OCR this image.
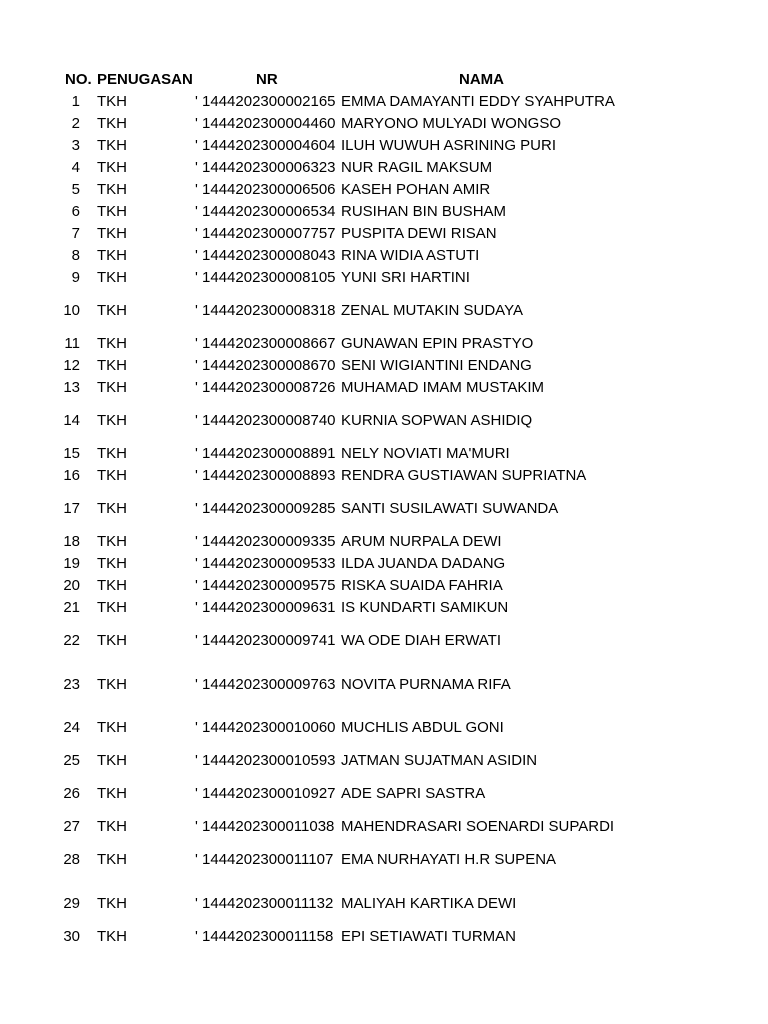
NO. PENUGASAN	NR	NAMA
1 TKH	' 1444202300002165 EMMA DAMAYANTI EDDY SYAHPUTRA
2 TKH	' 1444202300004460 MARYONO MULYADI WONGSO
3 TKH	' 1444202300004604 ILUH WUWUH ASRINING PURI
4 TKH	' 1444202300006323 NUR RAGIL MAKSUM
5 TKH	' 1444202300006506 KASEH POHAN AMIR
6 TKH	' 1444202300006534 RUSIHAN BIN BUSHAM
7 TKH	' 1444202300007757 PUSPITA DEWI RISAN
8 TKH	' 1444202300008043 RINA WIDIA ASTUTI
9 TKH	' 1444202300008105 YUNI SRI HARTINI
10 TKH	' 1444202300008318 ZENAL MUTAKIN SUDAYA
11 TKH	' 1444202300008667 GUNAWAN EPIN PRASTYO
12 TKH	' 1444202300008670 SENI WIGIANTINI ENDANG
13 TKH	' 1444202300008726 MUHAMAD IMAM MUSTAKIM
14 TKH	' 1444202300008740 KURNIA SOPWAN ASHIDIQ
15 TKH	' 1444202300008891 NELY NOVIATI MA'MURI
16 TKH	' 1444202300008893 RENDRA GUSTIAWAN SUPRIATNA
17 TKH	' 1444202300009285 SANTI SUSILAWATI SUWANDA
18 TKH	' 1444202300009335 ARUM NURPALA DEWI
19 TKH	' 1444202300009533 ILDA JUANDA DADANG
20 TKH	' 1444202300009575 RISKA SUAIDA FAHRIA
21 TKH	' 1444202300009631 IS KUNDARTI SAMIKUN
22 TKH	' 1444202300009741 WA ODE DIAH ERWATI
23 TKH	' 1444202300009763 NOVITA PURNAMA RIFA
24 TKH	' 1444202300010060 MUCHLIS ABDUL GONI
25 TKH	' 1444202300010593 JATMAN SUJATMAN ASIDIN
26 TKH	' 1444202300010927 ADE SAPRI SASTRA
27 TKH	' 1444202300011038 MAHENDRASARI SOENARDI SUPARDI
28 TKH	' 1444202300011107 EMA NURHAYATI H.R SUPENA
29 TKH	' 1444202300011132 MALIYAH KARTIKA DEWI
30 TKH	' 1444202300011158 EPI SETIAWATI TURMAN
